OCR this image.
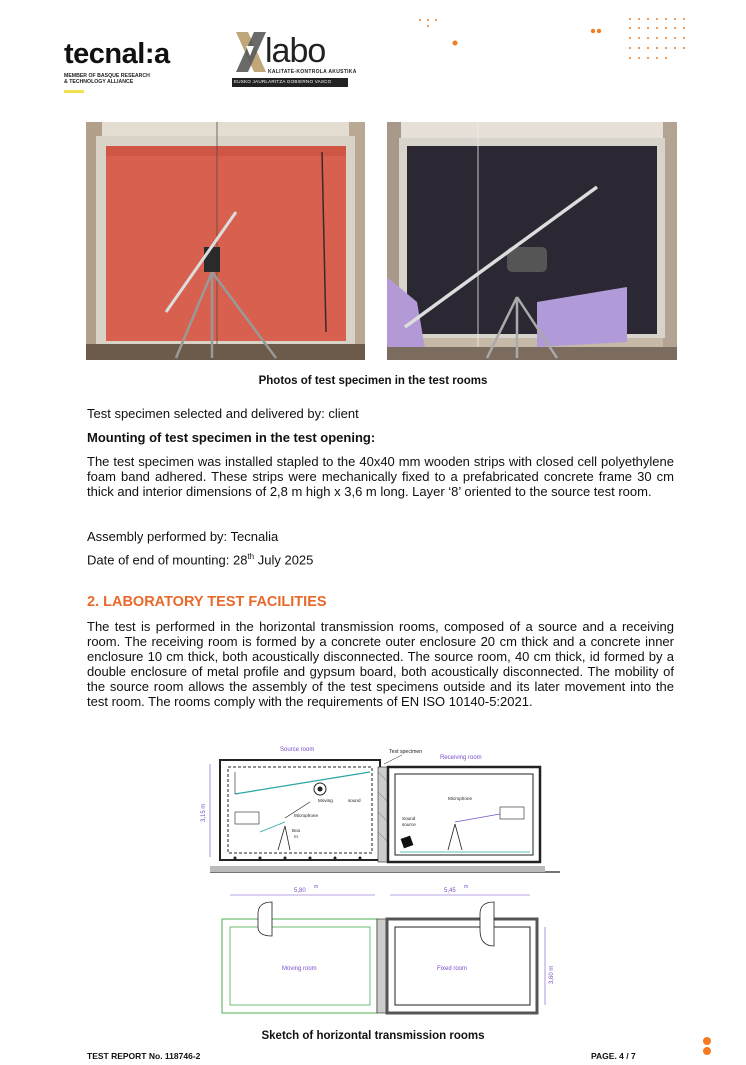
tecnal:a
MEMBER OF BASQUE RESEARCH & TECHNOLOGY ALLIANCE
labo
KALITATE-KONTROLA AKUSTIKA
EUSKO JAURLARITZA GOBIERNO VASCO
Photos of test specimen in the test rooms
Test specimen selected and delivered by: client
Mounting of test specimen in the test opening:
The test specimen was installed stapled to the 40x40 mm wooden strips with closed cell polyethylene foam band adhered. These strips were mechanically fixed to a prefabricated concrete frame 30 cm thick and interior dimensions of 2,8 m high x 3,6 m long. Layer ‘8’ oriented to the source test room.
Assembly performed by: Tecnalia
Date of end of mounting: 28th July 2025
2. LABORATORY TEST FACILITIES
The test is performed in the horizontal transmission rooms, composed of a source and a receiving room. The receiving room is formed by a concrete outer enclosure 20 cm thick and a concrete inner enclosure 10 cm thick, both acoustically disconnected. The source room, 40 cm thick, id formed by a double enclosure of metal profile and gypsum board, both acoustically disconnected. The mobility of the source room allows the assembly of the test specimens outside and its later movement into the test room. The rooms comply with the requirements of EN ISO 10140-5:2021.
Source room	Test specimen
Receiving room
Moving	sound
Microphone
Boo
m
3,15 m
Microphone
Sound
source
5,80
m
5,45
m
Moving room	Fixed room	3,60 m
Sketch of horizontal transmission rooms
TEST REPORT No. 118746-2	PAGE. 4 / 7
